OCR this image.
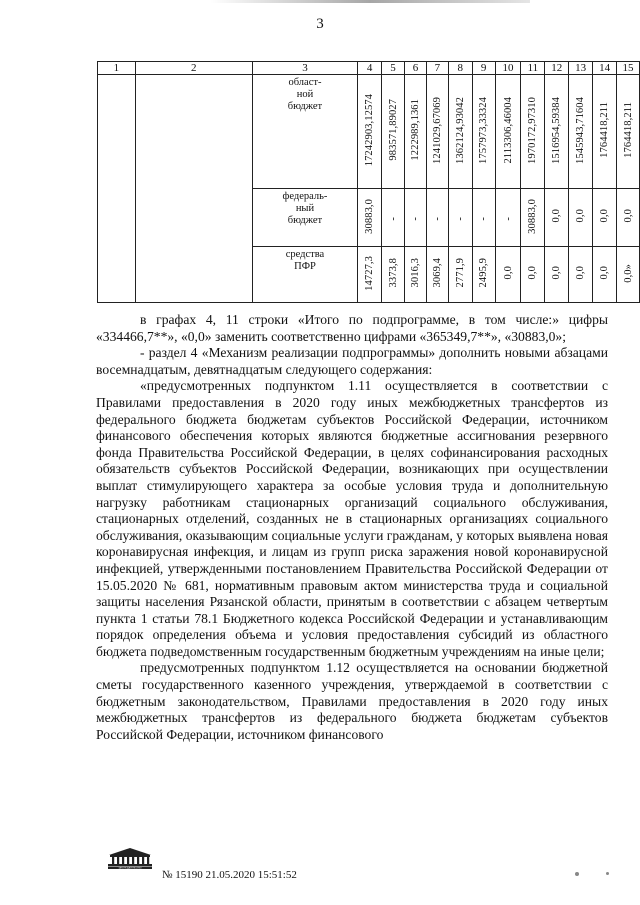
3
1	2	3	4	5	6	7	8	9	10	11	12	13	14	15
		област-
ной
бюджет	17242903,12574	983571,89027	1222989,1361	1241029,67069	1362124,93042	1757973,33324	2113306,46004	1970172,97310	1516954,59384	1545943,71604	1764418,211	1764418,211
		федераль-
ный
бюджет	30883,0	-	-	-	-	-	-	30883,0	0,0	0,0	0,0	0,0
		средства
ПФР	14727,3	3373,8	3016,3	3069,4	2771,9	2495,9	0,0	0,0	0,0	0,0	0,0	0,0»

в графах 4, 11 строки «Итого по подпрограмме, в том числе:» цифры «334466,7**», «0,0» заменить соответственно цифрами «365349,7**», «30883,0»;

- раздел 4 «Механизм реализации подпрограммы» дополнить новыми абзацами восемнадцатым, девятнадцатым следующего содержания:

«предусмотренных подпунктом 1.11 осуществляется в соответствии с Правилами предоставления в 2020 году иных межбюджетных трансфертов из федерального бюджета бюджетам субъектов Российской Федерации, источником финансового обеспечения которых являются бюджетные ассигнования резервного фонда Правительства Российской Федерации, в целях софинансирования расходных обязательств субъектов Российской Федерации, возникающих при осуществлении выплат стимулирующего характера за особые условия труда и дополнительную нагрузку работникам стационарных организаций социального обслуживания, стационарных отделений, созданных не в стационарных организациях социального обслуживания, оказывающим социальные услуги гражданам, у которых выявлена новая коронавирусная инфекция, и лицам из групп риска заражения новой коронавирусной инфекцией, утвержденными постановлением Правительства Российской Федерации от 15.05.2020 № 681, нормативным правовым актом министерства труда и социальной защиты населения Рязанской области, принятым в соответствии с абзацем четвертым пункта 1 статьи 78.1 Бюджетного кодекса Российской Федерации и устанавливающим порядок определения объема и условия предоставления субсидий из областного бюджета подведомственным государственным бюджетным учреждениям на иные цели;

предусмотренных подпунктом 1.12 осуществляется на основании бюджетной сметы государственного казенного учреждения, утверждаемой в соответствии с бюджетным законодательством, Правилами предоставления в 2020 году иных межбюджетных трансфертов из федерального бюджета бюджетам субъектов Российской Федерации, источником финансового

ЗАКОНОДАТЕЛЬСТВО
№ 15190 21.05.2020 15:51:52
